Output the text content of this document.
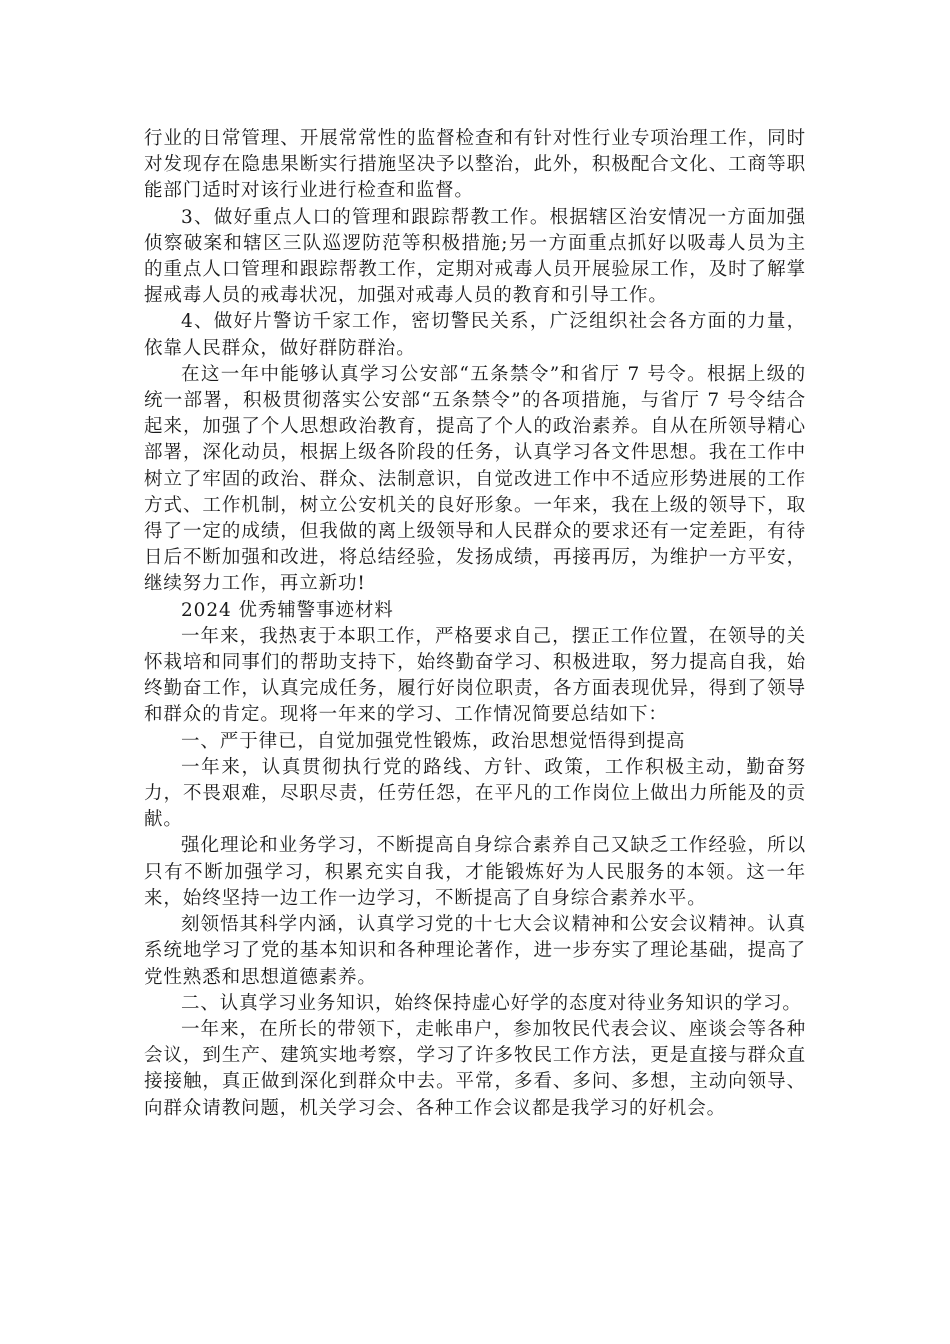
行业的日常管理、开展常常性的监督检查和有针对性行业专项治理工作，同时对发现存在隐患果断实行措施坚决予以整治，此外，积极配合文化、工商等职能部门适时对该行业进行检查和监督。

3、做好重点人口的管理和跟踪帮教工作。根据辖区治安情况一方面加强侦察破案和辖区三队巡逻防范等积极措施;另一方面重点抓好以吸毒人员为主的重点人口管理和跟踪帮教工作，定期对戒毒人员开展验尿工作，及时了解掌握戒毒人员的戒毒状况，加强对戒毒人员的教育和引导工作。

4、做好片警访千家工作，密切警民关系，广泛组织社会各方面的力量，依靠人民群众，做好群防群治。

在这一年中能够认真学习公安部“五条禁令”和省厅 7 号令。根据上级的统一部署，积极贯彻落实公安部“五条禁令”的各项措施，与省厅 7 号令结合起来，加强了个人思想政治教育，提高了个人的政治素养。自从在所领导精心部署，深化动员，根据上级各阶段的任务，认真学习各文件思想。我在工作中树立了牢固的政治、群众、法制意识，自觉改进工作中不适应形势进展的工作方式、工作机制，树立公安机关的良好形象。一年来，我在上级的领导下，取得了一定的成绩，但我做的离上级领导和人民群众的要求还有一定差距，有待日后不断加强和改进，将总结经验，发扬成绩，再接再厉，为维护一方平安，继续努力工作，再立新功!

2024 优秀辅警事迹材料

一年来，我热衷于本职工作，严格要求自己，摆正工作位置，在领导的关怀栽培和同事们的帮助支持下，始终勤奋学习、积极进取，努力提高自我，始终勤奋工作，认真完成任务，履行好岗位职责，各方面表现优异，得到了领导和群众的肯定。现将一年来的学习、工作情况简要总结如下：

一、严于律已，自觉加强党性锻炼，政治思想觉悟得到提高

一年来，认真贯彻执行党的路线、方针、政策，工作积极主动，勤奋努力，不畏艰难，尽职尽责，任劳任怨，在平凡的工作岗位上做出力所能及的贡献。

强化理论和业务学习，不断提高自身综合素养自己又缺乏工作经验，所以只有不断加强学习，积累充实自我，才能锻炼好为人民服务的本领。这一年来，始终坚持一边工作一边学习，不断提高了自身综合素养水平。

刻领悟其科学内涵，认真学习党的十七大会议精神和公安会议精神。认真系统地学习了党的基本知识和各种理论著作，进一步夯实了理论基础，提高了党性熟悉和思想道德素养。

二、认真学习业务知识，始终保持虚心好学的态度对待业务知识的学习。

一年来，在所长的带领下，走帐串户，参加牧民代表会议、座谈会等各种会议，到生产、建筑实地考察，学习了许多牧民工作方法，更是直接与群众直接接触，真正做到深化到群众中去。平常，多看、多问、多想，主动向领导、向群众请教问题，机关学习会、各种工作会议都是我学习的好机会。
